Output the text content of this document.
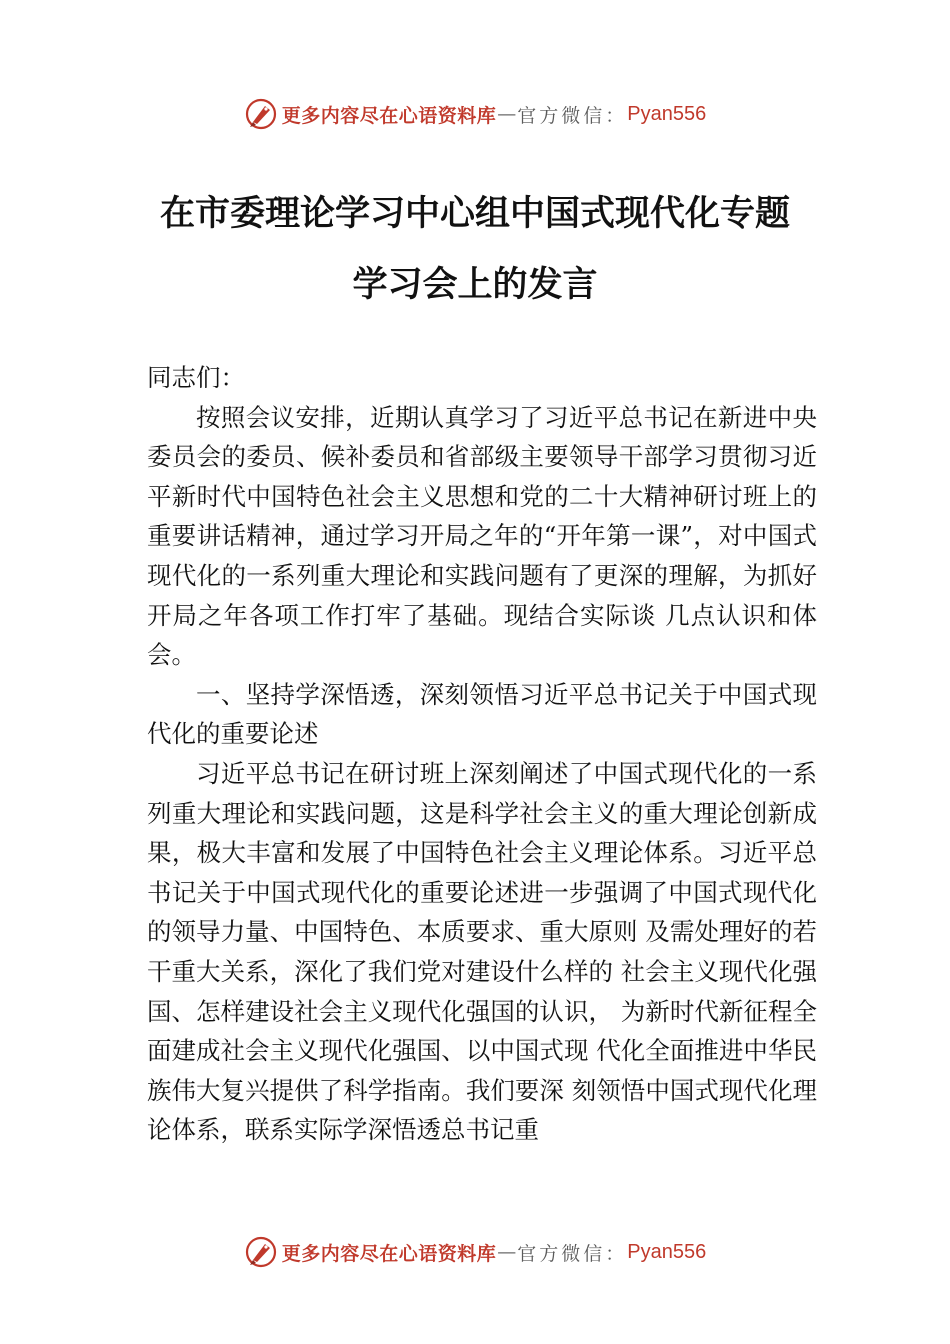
更多内容尽在心语资料库 — 官方微信： Pyan556
在市委理论学习中心组中国式现代化专题
学习会上的发言

同志们：

按照会议安排，近期认真学习了习近平总书记在新进中央委员会的委员、候补委员和省部级主要领导干部学习贯彻习近平新时代中国特色社会主义思想和党的二十大精神研讨班上的重要讲话精神，通过学习开局之年的“开年第一课”，对中国式现代化的一系列重大理论和实践问题有了更深的理解，为抓好开局之年各项工作打牢了基础。现结合实际谈 几点认识和体会。

一、坚持学深悟透，深刻领悟习近平总书记关于中国式现代化的重要论述

习近平总书记在研讨班上深刻阐述了中国式现代化的一系列重大理论和实践问题，这是科学社会主义的重大理论创新成果，极大丰富和发展了中国特色社会主义理论体系。习近平总书记关于中国式现代化的重要论述进一步强调了中国式现代化的领导力量、中国特色、本质要求、重大原则 及需处理好的若干重大关系，深化了我们党对建设什么样的 社会主义现代化强国、怎样建设社会主义现代化强国的认识， 为新时代新征程全面建成社会主义现代化强国、以中国式现 代化全面推进中华民族伟大复兴提供了科学指南。我们要深 刻领悟中国式现代化理论体系，联系实际学深悟透总书记重

更多内容尽在心语资料库 — 官方微信： Pyan556
